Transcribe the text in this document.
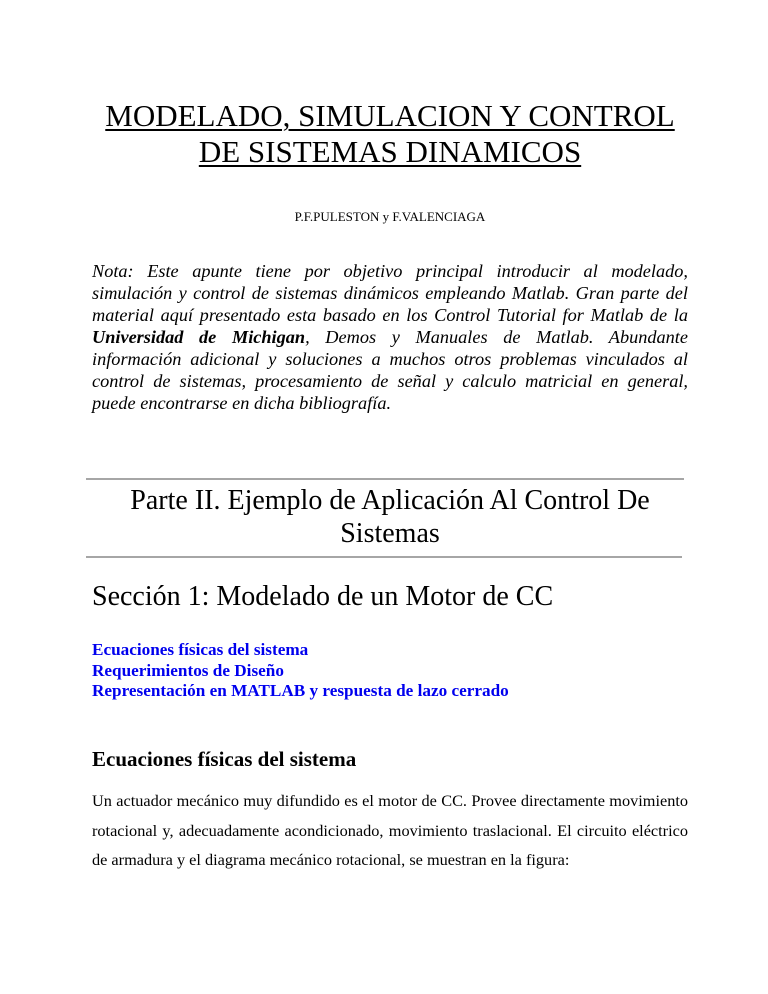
MODELADO, SIMULACION Y CONTROL
DE SISTEMAS DINAMICOS
P.F.PULESTON y F.VALENCIAGA
Nota: Este apunte tiene por objetivo principal introducir al modelado, simulación y control de sistemas dinámicos empleando Matlab. Gran parte del material aquí presentado esta basado en los Control Tutorial for Matlab de la Universidad de Michigan, Demos y Manuales de Matlab. Abundante información adicional y soluciones a muchos otros problemas vinculados al control de sistemas, procesamiento de señal y calculo matricial en general, puede encontrarse en dicha bibliografía.
Parte II. Ejemplo de Aplicación Al Control De Sistemas
Sección 1: Modelado de un Motor de CC
Ecuaciones físicas del sistema
Requerimientos de Diseño
Representación en MATLAB y respuesta de lazo cerrado
Ecuaciones físicas del sistema
Un actuador mecánico muy difundido es el motor de CC. Provee directamente movimiento rotacional y, adecuadamente acondicionado, movimiento traslacional. El circuito eléctrico de armadura y el diagrama mecánico rotacional, se muestran en la figura:
